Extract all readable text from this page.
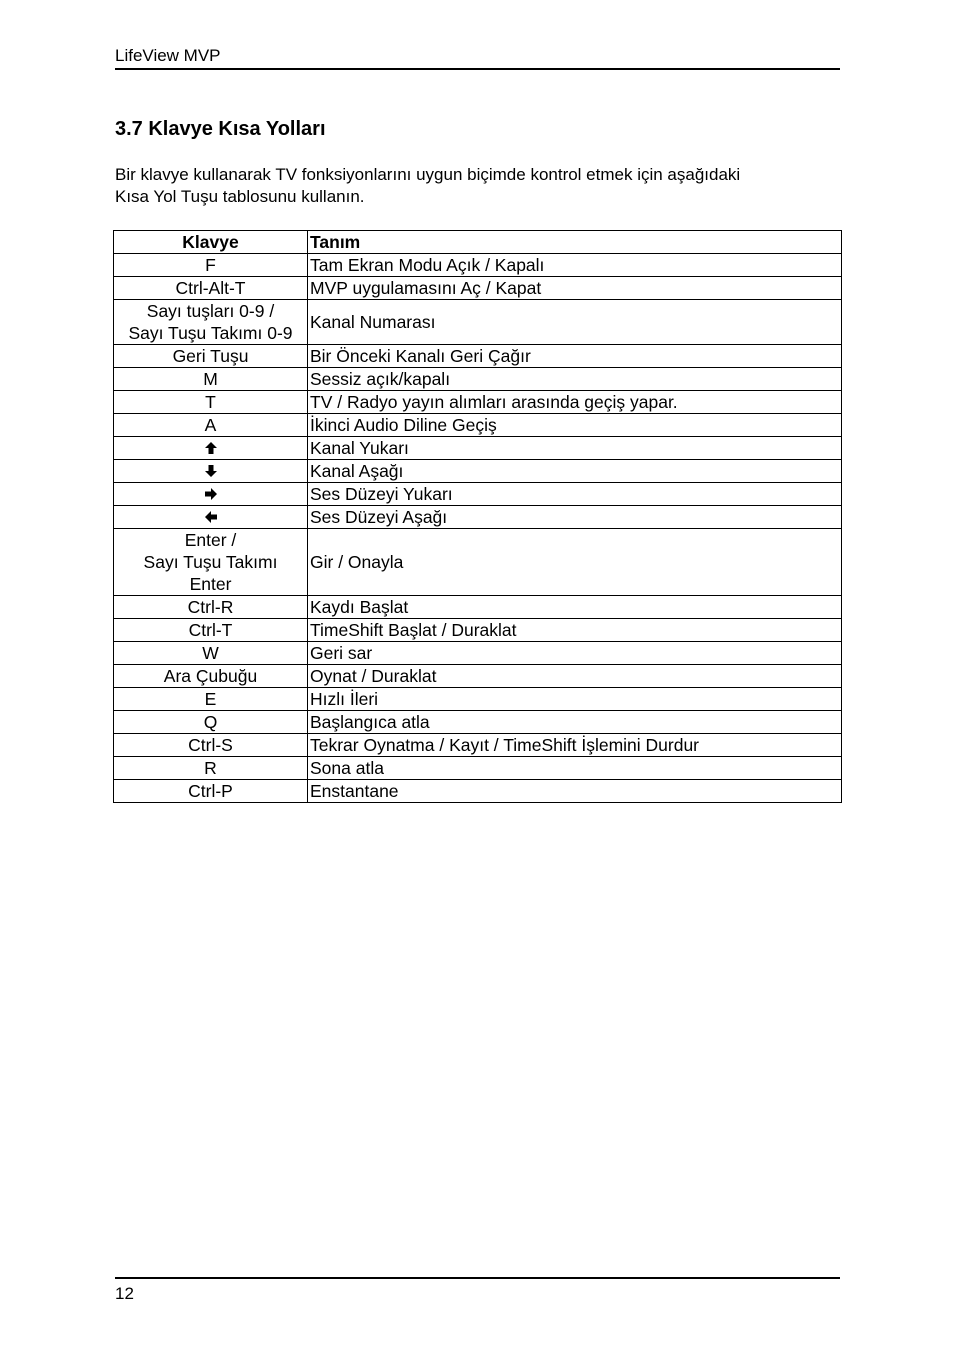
LifeView MVP
3.7 Klavye Kısa Yolları

Bir klavye kullanarak TV fonksiyonlarını uygun biçimde kontrol etmek için aşağıdaki
Kısa Yol Tuşu tablosunu kullanın.

Klavye	Tanım
F	Tam Ekran Modu Açık / Kapalı
Ctrl-Alt-T	MVP uygulamasını Aç / Kapat
Sayı tuşları 0-9 /
Sayı Tuşu Takımı 0-9	Kanal Numarası
Geri Tuşu	Bir Önceki Kanalı Geri Çağır
M	Sessiz açık/kapalı
T	TV / Radyo yayın alımları arasında geçiş yapar.
A	İkinci Audio Diline Geçiş
	Kanal Yukarı
	Kanal Aşağı
	Ses Düzeyi Yukarı
	Ses Düzeyi Aşağı
Enter /
Sayı Tuşu Takımı
Enter	Gir / Onayla
Ctrl-R	Kaydı Başlat
Ctrl-T	TimeShift Başlat / Duraklat
W	Geri sar
Ara Çubuğu	Oynat / Duraklat
E	Hızlı İleri
Q	Başlangıca atla
Ctrl-S	Tekrar Oynatma / Kayıt / TimeShift İşlemini Durdur
R	Sona atla
Ctrl-P	Enstantane
12
